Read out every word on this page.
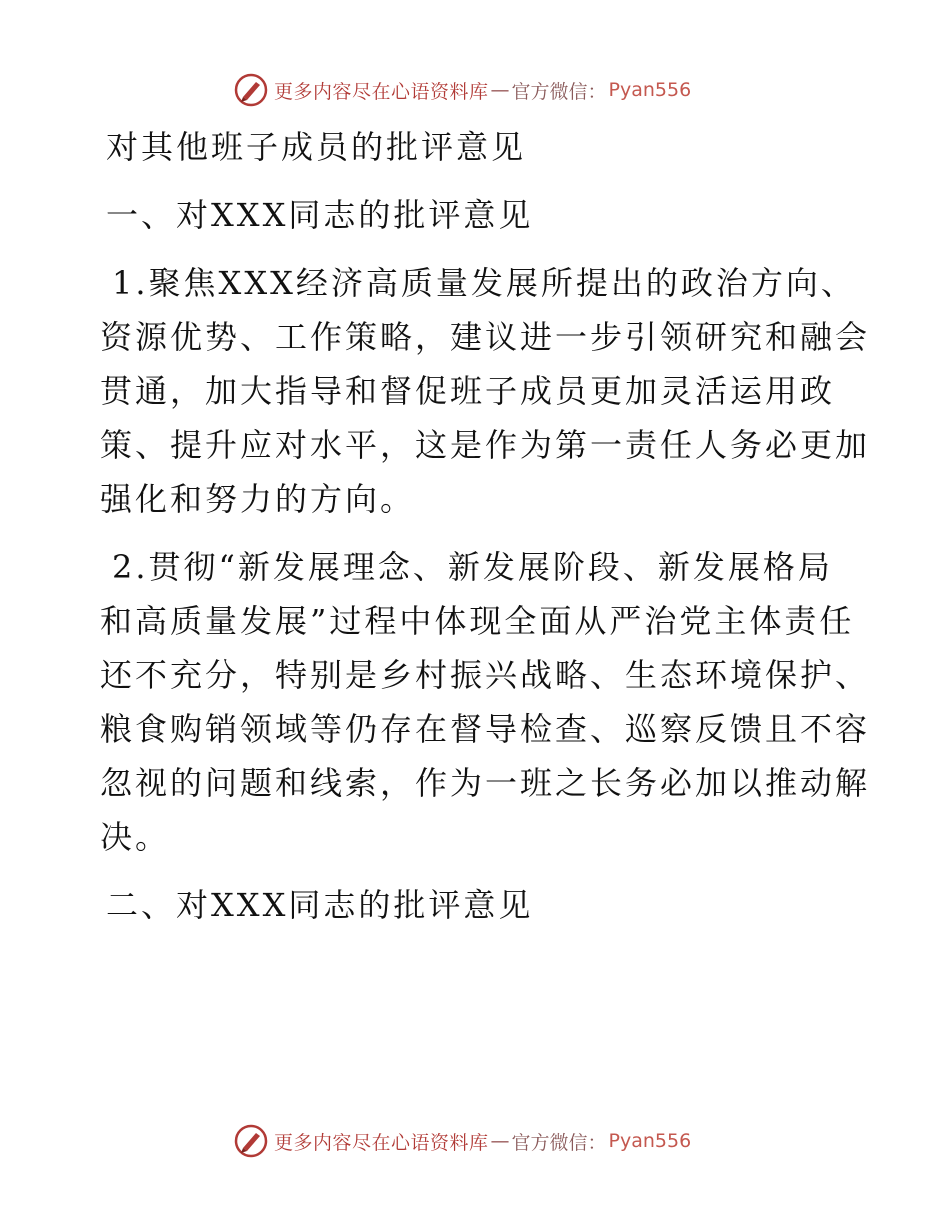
更多内容尽在心语资料库 — 官方微信： Pyan556

对其他班子成员的批评意见

一、对XXX同志的批评意见

1.聚焦XXX经济高质量发展所提出的政治方向、

资源优势、工作策略，建议进一步引领研究和融会

贯通，加大指导和督促班子成员更加灵活运用政

策、提升应对水平，这是作为第一责任人务必更加

强化和努力的方向。

2.贯彻“新发展理念、新发展阶段、新发展格局

和高质量发展”过程中体现全面从严治党主体责任

还不充分，特别是乡村振兴战略、生态环境保护、

粮食购销领域等仍存在督导检查、巡察反馈且不容

忽视的问题和线索，作为一班之长务必加以推动解

决。

二、对XXX同志的批评意见

更多内容尽在心语资料库 — 官方微信： Pyan556
